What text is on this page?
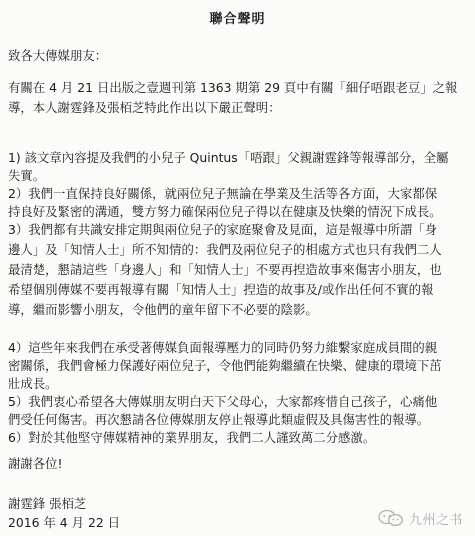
聯合聲明
致各大傳媒朋友：
有關在 4 月 21 日出版之壹週刊第 1363 期第 29 頁中有關「細仔唔跟老豆」之報
導，本人謝霆鋒及張栢芝特此作出以下嚴正聲明：
1) 該文章內容提及我們的小兒子 Quintus「唔跟」父親謝霆鋒等報導部分，全屬
失實。
2）我們一直保持良好關係，就兩位兒子無論在學業及生活等各方面，大家都保
持良好及緊密的溝通，雙方努力確保兩位兒子得以在健康及快樂的情況下成長。
3）我們都有共識安排定期與兩位兒子的家庭聚會及見面，這是報導中所謂「身
邊人」及「知情人士」所不知情的：我們及兩位兒子的相處方式也只有我們二人
最清楚，懇請這些「身邊人」和「知情人士」不要再揑造故事來傷害小朋友，也
希望個別傳媒不要再報導有關「知情人士」揑造的故事及/或作出任何不實的報
導，繼而影響小朋友，令他們的童年留下不必要的陰影。
4）這些年來我們在承受著傳媒負面報導壓力的同時仍努力維繫家庭成員間的親
密關係，我們會極力保護好兩位兒子，令他們能夠繼續在快樂、健康的環境下茁
壯成長。
5）我們衷心希望各大傳媒朋友明白天下父母心，大家都疼惜自己孩子，心痛他
們受任何傷害。再次懇請各位傳媒朋友停止報導此類虛假及具傷害性的報導。
6）對於其他堅守傳媒精神的業界朋友，我們二人謹致萬二分感激。
謝謝各位!
謝霆鋒 張栢芝
2016 年 4 月 22 日	九州之书
